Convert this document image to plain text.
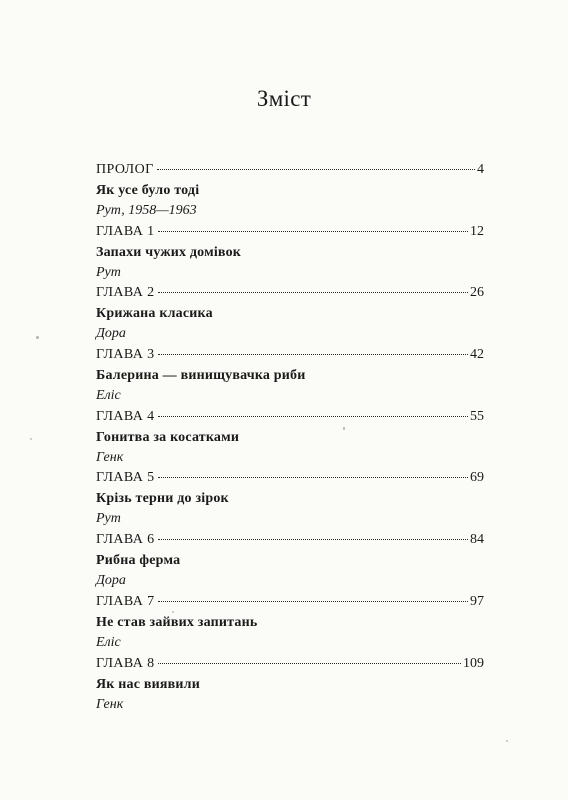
Зміст
ПРОЛОГ	4
Як усе було тоді
Рут, 1958—1963
ГЛАВА 1	12
Запахи чужих домівок
Рут
ГЛАВА 2	26
Крижана класика
Дора
ГЛАВА 3	42
Балерина — винищувачка риби
Еліс
ГЛАВА 4	55
Гонитва за косатками
Генк
ГЛАВА 5	69
Крізь терни до зірок
Рут
ГЛАВА 6	84
Рибна ферма
Дора
ГЛАВА 7	97
Не став зайвих запитань
Еліс
ГЛАВА 8	109
Як нас виявили
Генк
